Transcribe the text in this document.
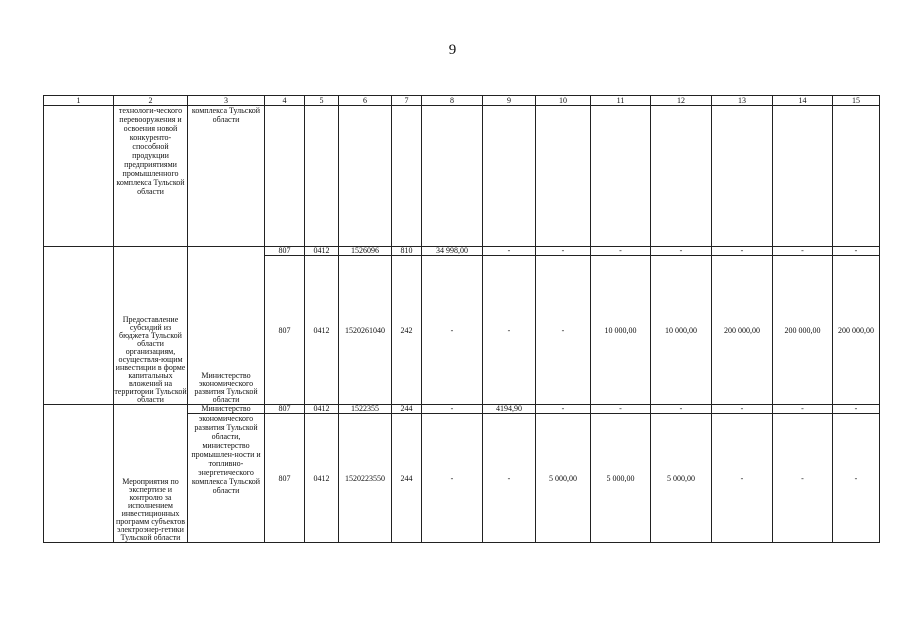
9
1	2	3	4	5	6	7	8	9	10	11	12	13	14	15
	технологи-ческого перевооружения и освоения новой конкуренто-способной продукции предприятиями промышленного комплекса Тульской области	комплекса Тульской области												
	Предоставление субсидий из бюджета Тульской области организациям, осуществля-ющим инвестиции в форме капитальных вложений на территории Тульской области	Министерство экономического развития Тульской области	807	0412	1526096	810	34 998,00	-	-	-	-	-	-	-
			807	0412	1520261040	242	-	-	-	10 000,00	10 000,00	200 000,00	200 000,00	200 000,00
	Мероприятия по экспертизе и контролю за исполнением инвестиционных программ субъектов электроэнер-гетики Тульской области	Министерство	807	0412	1522355	244	-	4194,90	-	-	-	-	-	-
		экономического развития Тульской области, министерство промышлен-ности и топливно-энергетического комплекса Тульской области	807	0412	1520223550	244	-	-	5 000,00	5 000,00	5 000,00	-	-	-
